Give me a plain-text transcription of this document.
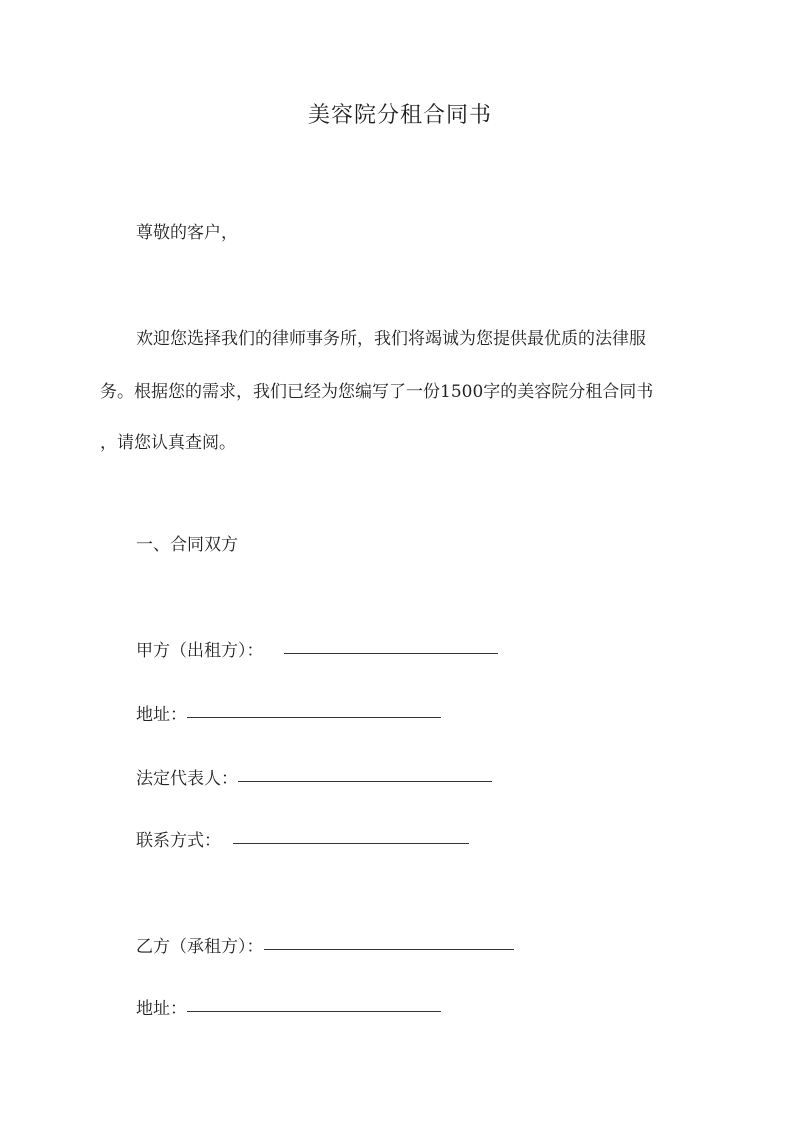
美容院分租合同书
尊敬的客户，
欢迎您选择我们的律师事务所，我们将竭诚为您提供最优质的法律服
务。根据您的需求，我们已经为您编写了一份1500字的美容院分租合同书
，请您认真查阅。
一、合同双方
甲方（出租方）：
地址：
法定代表人：
联系方式：
乙方（承租方）：
地址：
